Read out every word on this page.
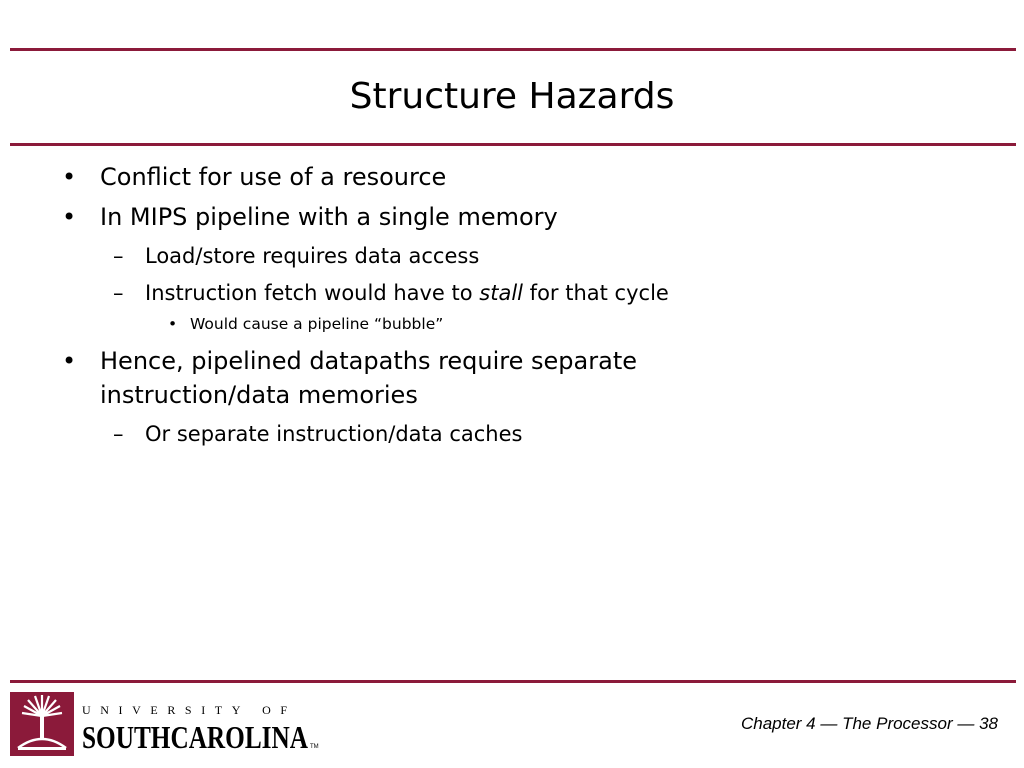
Structure Hazards
• Conflict for use of a resource
• In MIPS pipeline with a single memory
– Load/store requires data access
– Instruction fetch would have to stall for that cycle
• Would cause a pipeline “bubble”
• Hence, pipelined datapaths require separate
instruction/data memories
– Or separate instruction/data caches
UNIVERSITY OF
SOUTHCAROLINA TM
Chapter 4 — The Processor — 38
